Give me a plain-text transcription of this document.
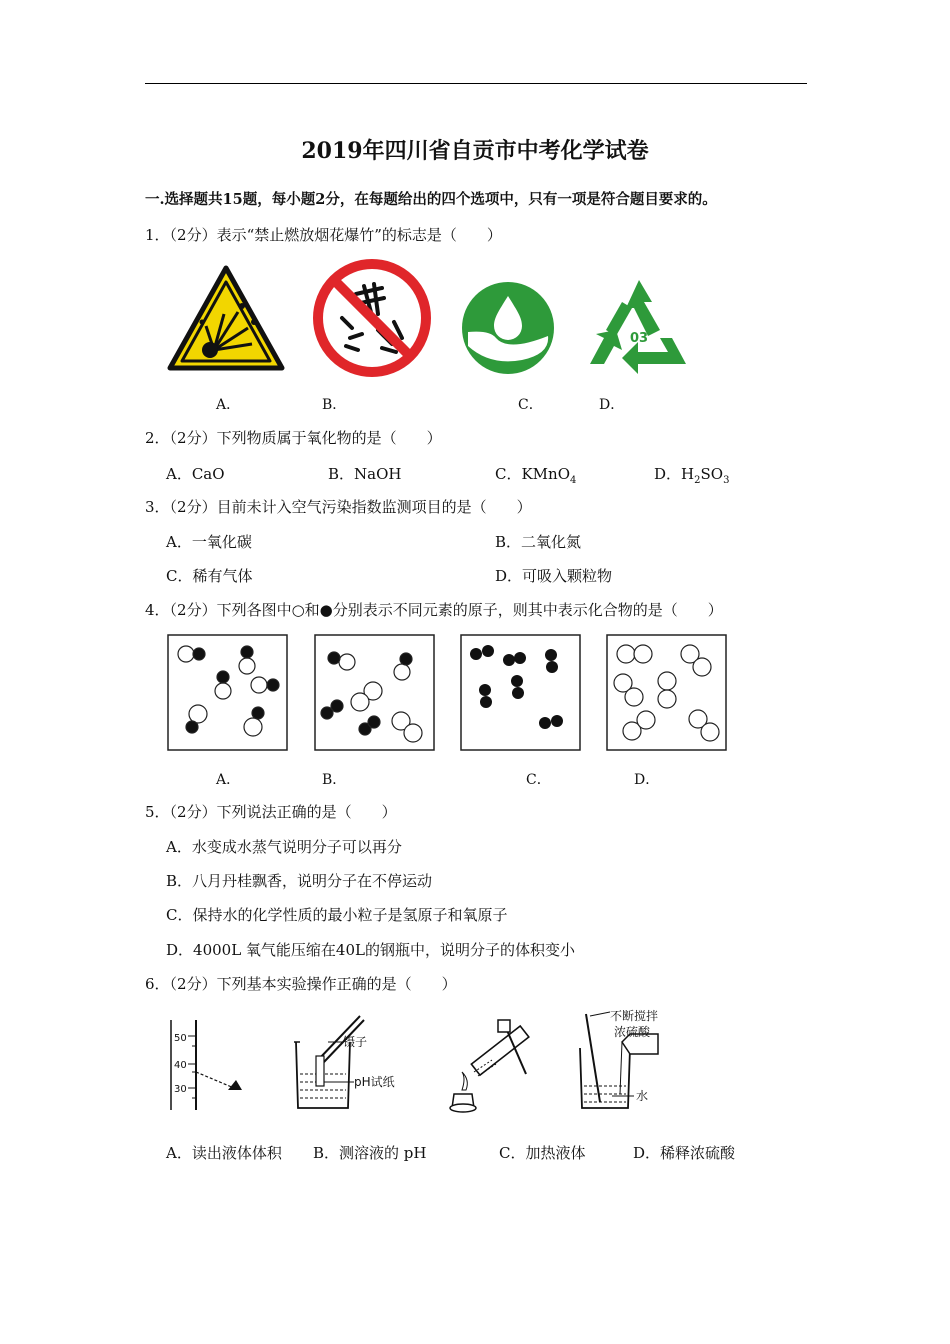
2019年四川省自贡市中考化学试卷
一.选择题共15题，每小题2分，在每题给出的四个选项中，只有一项是符合题目要求的。
1．（2分）表示“禁止燃放烟花爆竹”的标志是（　　）
03
A．	B．	C．	D．
2．（2分）下列物质属于氧化物的是（　　）
A．CaO	B．NaOH	C．KMnO$_4$	D．$H_2SO_3$
3．（2分）目前未计入空气污染指数监测项目的是（　　）
A．一氧化碳	B．二氧化氮
C．稀有气体	D．可吸入颗粒物
4．（2分）下列各图中○和●分别表示不同元素的原子，则其中表示化合物的是（　　）
A．	B．	C．	D．
5．（2分）下列说法正确的是（　　）
A．水变成水蒸气说明分子可以再分
B．八月丹桂飘香，说明分子在不停运动
C．保持水的化学性质的最小粒子是氢原子和氧原子
D．4000L 氧气能压缩在40L的钢瓶中，说明分子的体积变小
6．（2分）下列基本实验操作正确的是（　　）
50
40
30
镊子
pH试纸
不断搅拌
浓硫酸
水
A．读出液体体积 B．测溶液的 pH	C．加热液体	D．稀释浓硫酸
